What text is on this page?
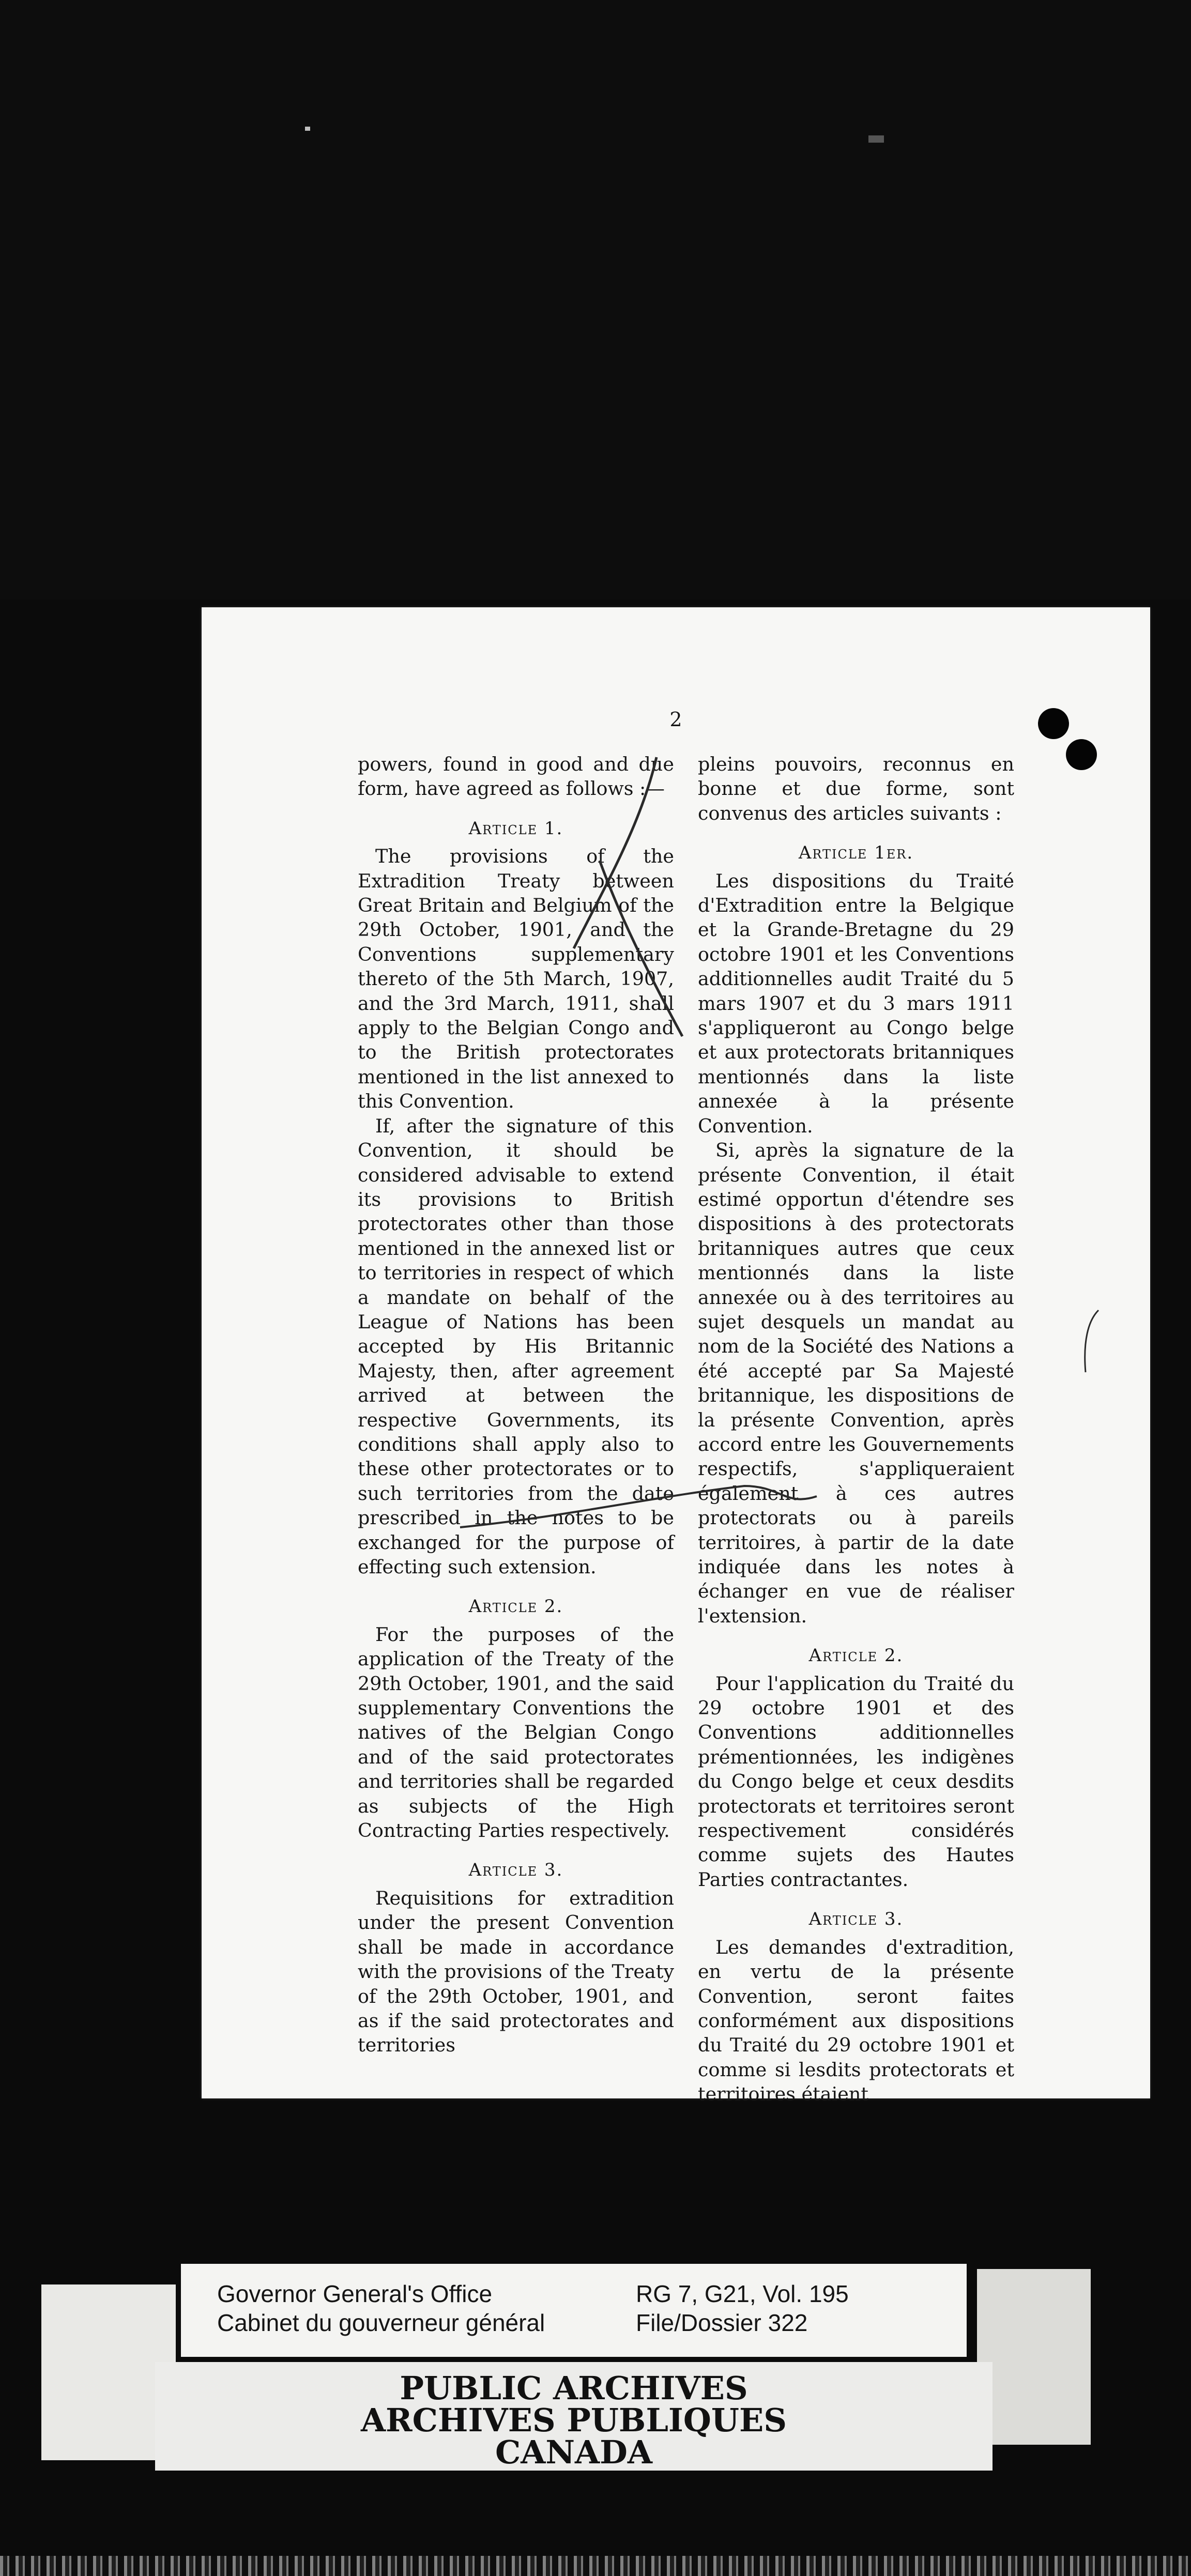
2

powers, found in good and due form, have agreed as follows :—

Article 1.

The provisions of the Extradition Treaty between Great Britain and Belgium of the 29th October, 1901, and the Conventions supplementary thereto of the 5th March, 1907, and the 3rd March, 1911, shall apply to the Belgian Congo and to the British protectorates mentioned in the list annexed to this Convention.

If, after the signature of this Convention, it should be considered advisable to extend its provisions to British protectorates other than those mentioned in the annexed list or to territories in respect of which a mandate on behalf of the League of Nations has been accepted by His Britannic Majesty, then, after agreement arrived at between the respective Governments, its conditions shall apply also to these other protectorates or to such territories from the date prescribed in the notes to be exchanged for the purpose of effecting such extension.

Article 2.

For the purposes of the application of the Treaty of the 29th October, 1901, and the said supplementary Conventions the natives of the Belgian Congo and of the said protectorates and territories shall be regarded as subjects of the High Contracting Parties respectively.

Article 3.

Requisitions for extradition under the present Convention shall be made in accordance with the provisions of the Treaty of the 29th October, 1901, and as if the said protectorates and territories

pleins pouvoirs, reconnus en bonne et due forme, sont convenus des articles suivants :

Article 1er.

Les dispositions du Traité d'Extradition entre la Belgique et la Grande-Bretagne du 29 octobre 1901 et les Conventions additionnelles audit Traité du 5 mars 1907 et du 3 mars 1911 s'appliqueront au Congo belge et aux protectorats britanniques mentionnés dans la liste annexée à la présente Convention.

Si, après la signature de la présente Convention, il était estimé opportun d'étendre ses dispositions à des protectorats britanniques autres que ceux mentionnés dans la liste annexée ou à des territoires au sujet desquels un mandat au nom de la Société des Nations a été accepté par Sa Majesté britannique, les dispositions de la présente Convention, après accord entre les Gouvernements respectifs, s'appliqueraient également à ces autres protectorats ou à pareils territoires, à partir de la date indiquée dans les notes à échanger en vue de réaliser l'extension.

Article 2.

Pour l'application du Traité du 29 octobre 1901 et des Conventions additionnelles prémentionnées, les indigènes du Congo belge et ceux desdits protectorats et territoires seront respectivement considérés comme sujets des Hautes Parties contractantes.

Article 3.

Les demandes d'extradition, en vertu de la présente Convention, seront faites conformément aux dispositions du Traité du 29 octobre 1901 et comme si lesdits protectorats et territoires étaient

Governor General's Office
Cabinet du gouverneur général
RG 7, G21, Vol. 195
File/Dossier 322
PUBLIC ARCHIVES
ARCHIVES PUBLIQUES
CANADA
